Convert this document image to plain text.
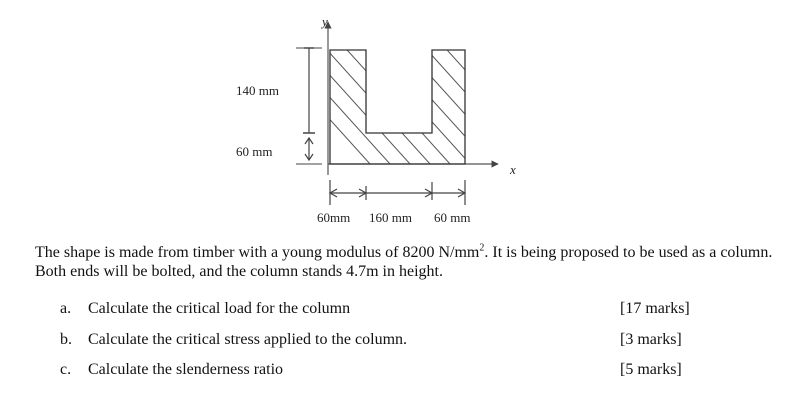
y
x
140 mm
60 mm
60mm 160 mm 60 mm

The shape is made from timber with a young modulus of 8200 $N/mm^2$. It is being proposed to be used as a column. Both ends will be bolted, and the column stands 4.7m in height.

a. Calculate the critical load for the column	[17 marks]
b. Calculate the critical stress applied to the column.	[3 marks]
c. Calculate the slenderness ratio	[5 marks]
